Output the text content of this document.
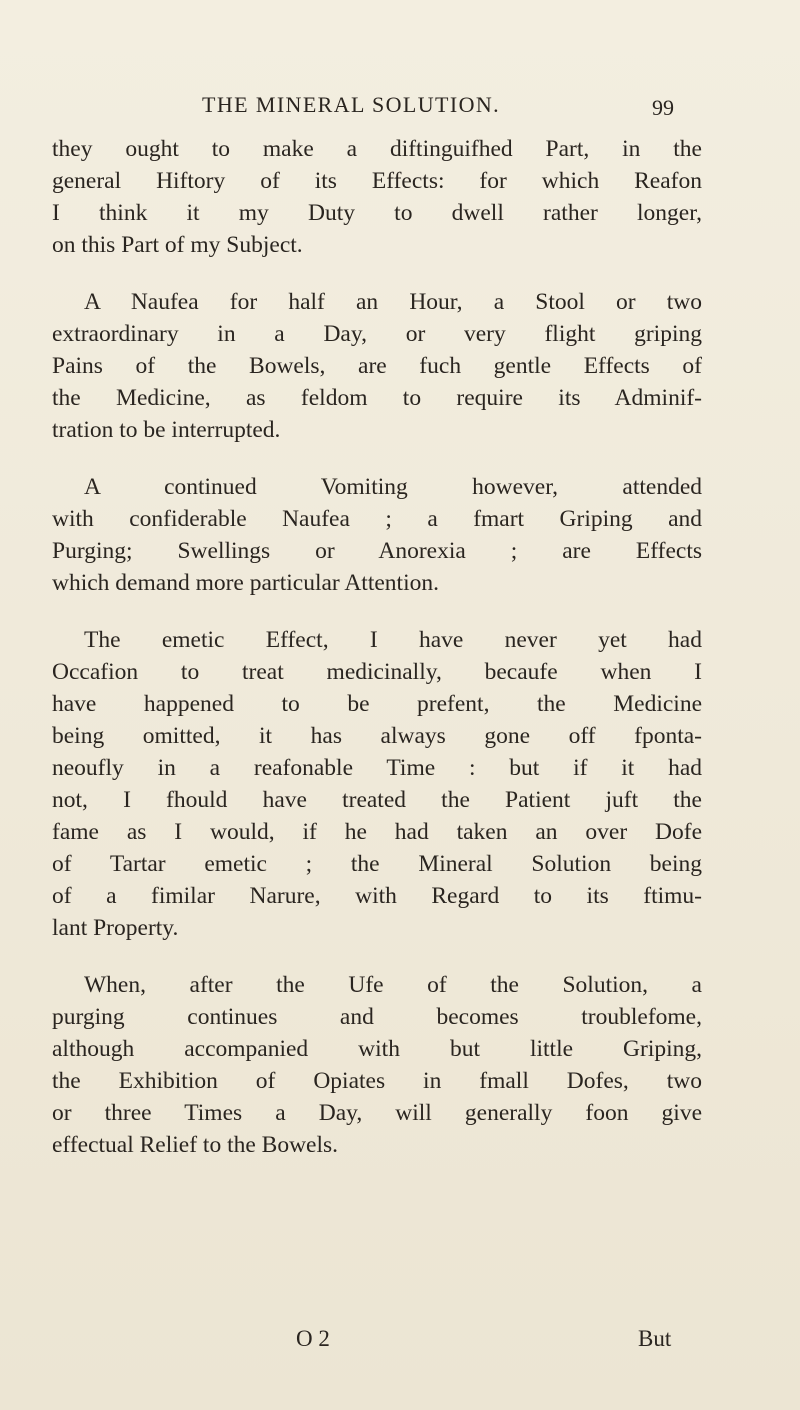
THE MINERAL SOLUTION.	99
they ought to make a diftinguifhed Part, in the
general Hiftory of its Effects: for which Reafon
I think it my Duty to dwell rather longer,
on this Part of my Subject.
A Naufea for half an Hour, a Stool or two
extraordinary in a Day, or very flight griping
Pains of the Bowels, are fuch gentle Effects of
the Medicine, as feldom to require its Adminif-
tration to be interrupted.
A continued Vomiting however, attended
with confiderable Naufea ; a fmart Griping and
Purging; Swellings or Anorexia ; are Effects
which demand more particular Attention.
The emetic Effect, I have never yet had
Occafion to treat medicinally, becaufe when I
have happened to be prefent, the Medicine
being omitted, it has always gone off fponta-
neoufly in a reafonable Time : but if it had
not, I fhould have treated the Patient juft the
fame as I would, if he had taken an over Dofe
of Tartar emetic ; the Mineral Solution being
of a fimilar Narure, with Regard to its ftimu-
lant Property.
When, after the Ufe of the Solution, a
purging continues and becomes troublefome,
although accompanied with but little Griping,
the Exhibition of Opiates in fmall Dofes, two
or three Times a Day, will generally foon give
effectual Relief to the Bowels.
O 2	But
